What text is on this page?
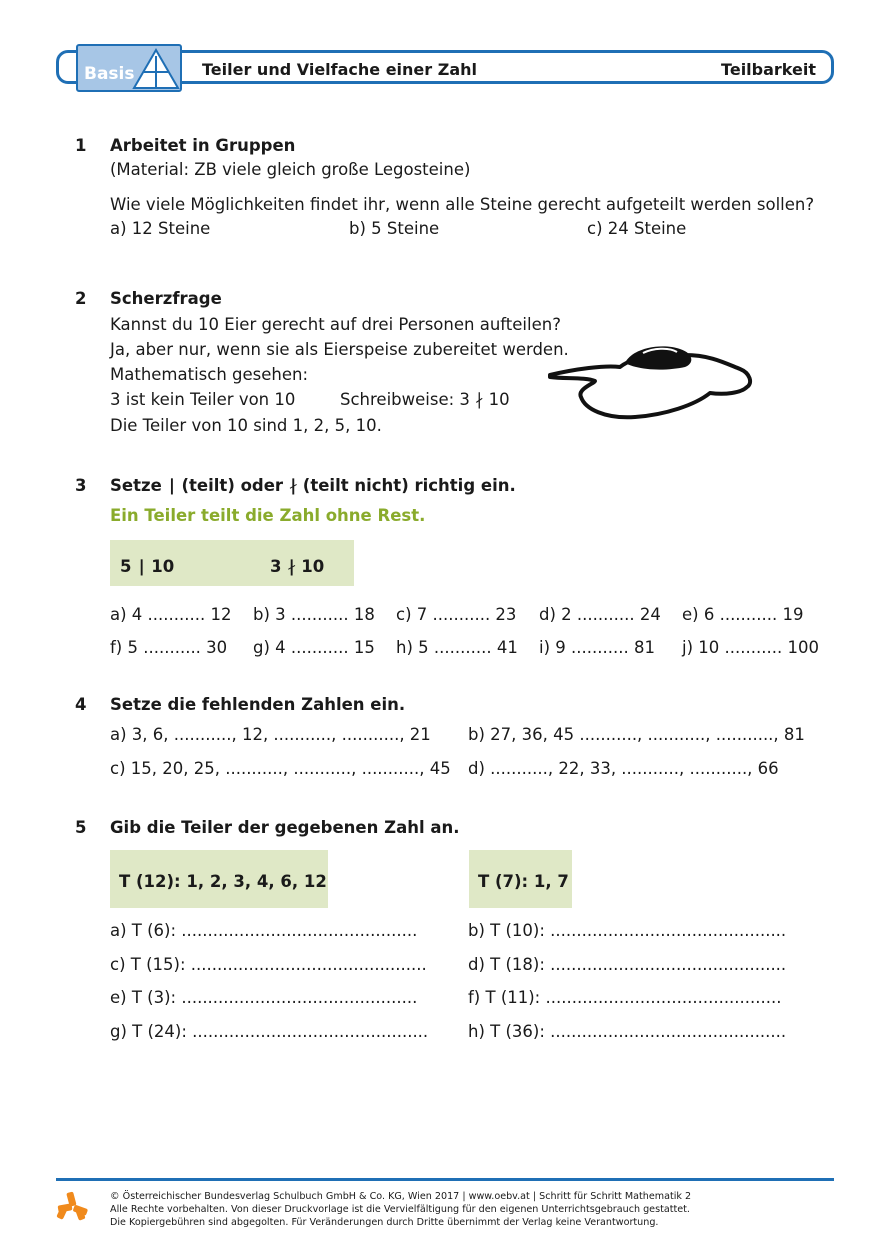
Basis	Teiler und Vielfache einer Zahl	Teilbarkeit
1 Arbeitet in Gruppen
(Material: ZB viele gleich große Legosteine)
Wie viele Möglichkeiten findet ihr, wenn alle Steine gerecht aufgeteilt werden sollen?
a) 12 Steine	b) 5 Steine	c) 24 Steine
2 Scherzfrage
Kannst du 10 Eier gerecht auf drei Personen aufteilen?
Ja, aber nur, wenn sie als Eierspeise zubereitet werden.
Mathematisch gesehen:
3 ist kein Teiler von 10	Schreibweise: 3 ∤ 10
Die Teiler von 10 sind 1, 2, 5, 10.
3 Setze ∣ (teilt) oder ∤ (teilt nicht) richtig ein.
Ein Teiler teilt die Zahl ohne Rest.
5 ∣ 10	3 ∤ 10
a) 4 ........... 12 b) 3 ........... 18 c) 7 ........... 23 d) 2 ........... 24 e) 6 ........... 19
f) 5 ........... 30 g) 4 ........... 15 h) 5 ........... 41 i) 9 ........... 81 j) 10 ........... 100
4 Setze die fehlenden Zahlen ein.
a) 3, 6, ..........., 12, ..........., ..........., 21 b) 27, 36, 45 ..........., ..........., ..........., 81
c) 15, 20, 25, ..........., ..........., ..........., 45 d) ..........., 22, 33, ..........., ..........., 66
5 Gib die Teiler der gegebenen Zahl an.
T (12): 1, 2, 3, 4, 6, 12	T (7): 1, 7
a) T (6): .............................................	b) T (10): .............................................
c) T (15): ............................................. d) T (18): .............................................
e) T (3): .............................................	f) T (11): .............................................
g) T (24): ............................................. h) T (36): .............................................
© Österreichischer Bundesverlag Schulbuch GmbH & Co. KG, Wien 2017 | www.oebv.at | Schritt für Schritt Mathematik 2
Alle Rechte vorbehalten. Von dieser Druckvorlage ist die Vervielfältigung für den eigenen Unterrichtsgebrauch gestattet.
Die Kopiergebühren sind abgegolten. Für Veränderungen durch Dritte übernimmt der Verlag keine Verantwortung.
